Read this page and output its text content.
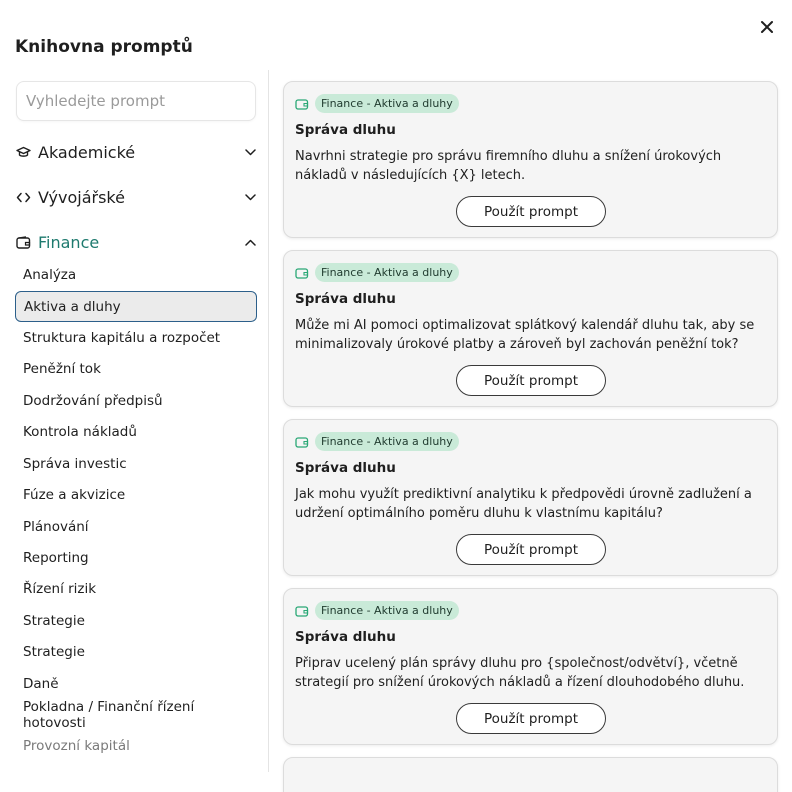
Knihovna promptů
Vyhledejte prompt
Akademické
Vývojářské
Finance
Analýza
Aktiva a dluhy
Struktura kapitálu a rozpočet
Peněžní tok
Dodržování předpisů
Kontrola nákladů
Správa investic
Fúze a akvizice
Plánování
Reporting
Řízení rizik
Strategie
Strategie
Daně
Pokladna / Finanční řízení hotovosti
Provozní kapitál
Finance - Aktiva a dluhy
Správa dluhu
Navrhni strategie pro správu firemního dluhu a snížení úrokových nákladů v následujících {X} letech.
Použít prompt
Finance - Aktiva a dluhy
Správa dluhu
Může mi AI pomoci optimalizovat splátkový kalendář dluhu tak, aby se minimalizovaly úrokové platby a zároveň byl zachován peněžní tok?
Použít prompt
Finance - Aktiva a dluhy
Správa dluhu
Jak mohu využít prediktivní analytiku k předpovědi úrovně zadlužení a udržení optimálního poměru dluhu k vlastnímu kapitálu?
Použít prompt
Finance - Aktiva a dluhy
Správa dluhu
Připrav ucelený plán správy dluhu pro {společnost/odvětví}, včetně strategií pro snížení úrokových nákladů a řízení dlouhodobého dluhu.
Použít prompt
